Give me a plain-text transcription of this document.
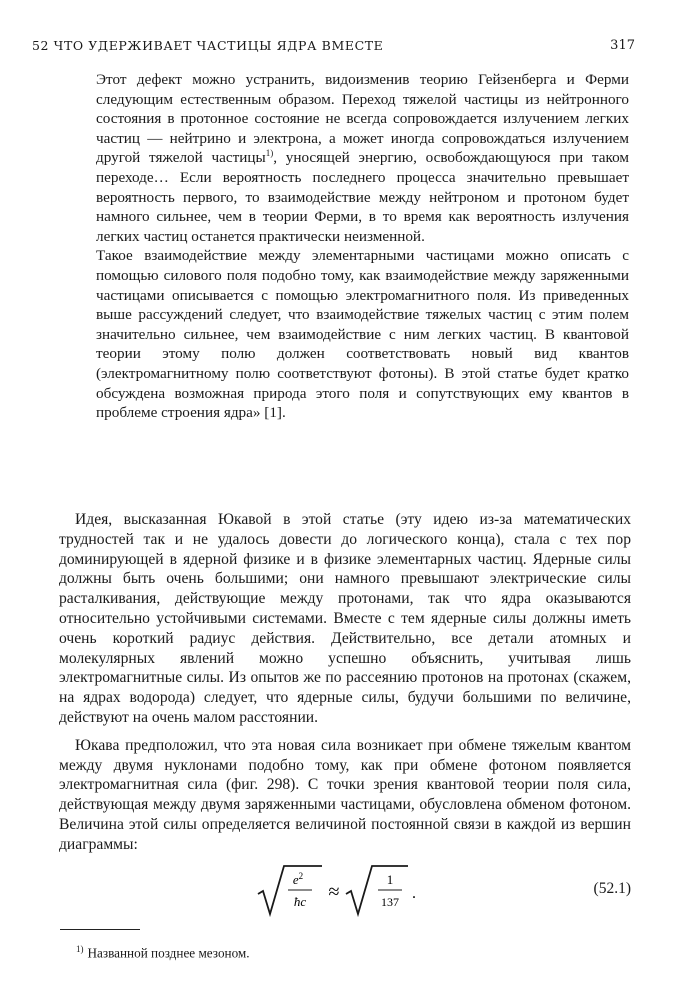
52 ЧТО УДЕРЖИВАЕТ ЧАСТИЦЫ ЯДРА ВМЕСТЕ	317

Этот дефект можно устранить, видоизменив теорию Гейзенберга и Ферми следующим естественным образом. Переход тяжелой частицы из нейтронного состояния в протонное состояние не всегда сопровождается излучением легких частиц — нейтрино и электрона, а может иногда сопровождаться излучением другой тяжелой частицы$^{1)}$, уносящей энергию, освобождающуюся при таком переходе… Если вероятность последнего процесса значительно превышает вероятность первого, то взаимодействие между нейтроном и протоном будет намного сильнее, чем в теории Ферми, в то время как вероятность излучения легких частиц останется практически неизменной.

Такое взаимодействие между элементарными частицами можно описать с помощью силового поля подобно тому, как взаимодействие между заряженными частицами описывается с помощью электромагнитного поля. Из приведенных выше рассуждений следует, что взаимодействие тяжелых частиц с этим полем значительно сильнее, чем взаимодействие с ним легких частиц. В квантовой теории этому полю должен соответствовать новый вид квантов (электромагнитному полю соответствуют фотоны). В этой статье будет кратко обсуждена возможная природа этого поля и сопутствующих ему квантов в проблеме строения ядра» [1].

Идея, высказанная Юкавой в этой статье (эту идею из-за математических трудностей так и не удалось довести до логического конца), стала с тех пор доминирующей в ядерной физике и в физике элементарных частиц. Ядерные силы должны быть очень большими; они намного превышают электрические силы расталкивания, действующие между протонами, так что ядра оказываются относительно устойчивыми системами. Вместе с тем ядерные силы должны иметь очень короткий радиус действия. Действительно, все детали атомных и молекулярных явлений можно успешно объяснить, учитывая лишь электромагнитные силы. Из опытов же по рассеянию протонов на протонах (скажем, на ядрах водорода) следует, что ядерные силы, будучи большими по величине, действуют на очень малом расстоянии.

Юкава предположил, что эта новая сила возникает при обмене тяжелым квантом между двумя нуклонами подобно тому, как при обмене фотоном появляется электромагнитная сила (фиг. 298). С точки зрения квантовой теории поля сила, действующая между двумя заряженными частицами, обусловлена обменом фотоном. Величина этой силы определяется величиной постоянной связи в каждой из вершин диаграммы:

$e^2$
ħc ≈
1
137 .	(52.1)
$^{1)}$ Названной позднее мезоном.
